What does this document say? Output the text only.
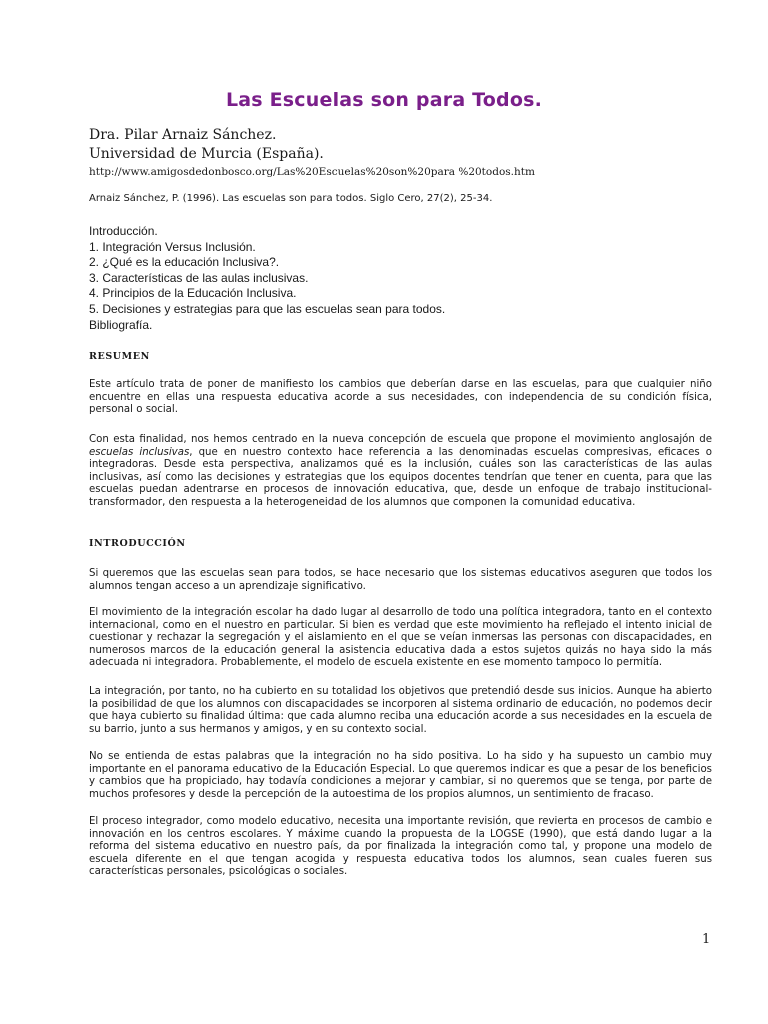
Las Escuelas son para Todos.

Dra. Pilar Arnaiz Sánchez.

Universidad de Murcia (España). http://www.amigosdedonbosco.org/Las%20Escuelas%20son%20para %20todos.htm

Arnaiz Sánchez, P. (1996). Las escuelas son para todos. Siglo Cero, 27(2), 25-34.

Introducción.
1. Integración Versus Inclusión.
2. ¿Qué es la educación Inclusiva?.
3. Características de las aulas inclusivas.
4. Principios de la Educación Inclusiva.
5. Decisiones y estrategias para que las escuelas sean para todos.
Bibliografía.

RESUMEN

Este artículo trata de poner de manifiesto los cambios que deberían darse en las escuelas, para que cualquier niño encuentre en ellas una respuesta educativa acorde a sus necesidades, con independencia de su condición física, personal o social.

Con esta finalidad, nos hemos centrado en la nueva concepción de escuela que propone el movimiento anglosajón de escuelas inclusivas, que en nuestro contexto hace referencia a las denominadas escuelas compresivas, eficaces o integradoras. Desde esta perspectiva, analizamos qué es la inclusión, cuáles son las características de las aulas inclusivas, así como las decisiones y estrategias que los equipos docentes tendrían que tener en cuenta, para que las escuelas puedan adentrarse en procesos de innovación educativa, que, desde un enfoque de trabajo institucional-transformador, den respuesta a la heterogeneidad de los alumnos que componen la comunidad educativa.

INTRODUCCIÓN

Si queremos que las escuelas sean para todos, se hace necesario que los sistemas educativos aseguren que todos los alumnos tengan acceso a un aprendizaje significativo.

El movimiento de la integración escolar ha dado lugar al desarrollo de todo una política integradora, tanto en el contexto internacional, como en el nuestro en particular. Si bien es verdad que este movimiento ha reflejado el intento inicial de cuestionar y rechazar la segregación y el aislamiento en el que se veían inmersas las personas con discapacidades, en numerosos marcos de la educación general la asistencia educativa dada a estos sujetos quizás no haya sido la más adecuada ni integradora. Probablemente, el modelo de escuela existente en ese momento tampoco lo permitía.

La integración, por tanto, no ha cubierto en su totalidad los objetivos que pretendió desde sus inicios. Aunque ha abierto la posibilidad de que los alumnos con discapacidades se incorporen al sistema ordinario de educación, no podemos decir que haya cubierto su finalidad última: que cada alumno reciba una educación acorde a sus necesidades en la escuela de su barrio, junto a sus hermanos y amigos, y en su contexto social.

No se entienda de estas palabras que la integración no ha sido positiva. Lo ha sido y ha supuesto un cambio muy importante en el panorama educativo de la Educación Especial. Lo que queremos indicar es que a pesar de los beneficios y cambios que ha propiciado, hay todavía condiciones a mejorar y cambiar, si no queremos que se tenga, por parte de muchos profesores y desde la percepción de la autoestima de los propios alumnos, un sentimiento de fracaso.

El proceso integrador, como modelo educativo, necesita una importante revisión, que revierta en procesos de cambio e innovación en los centros escolares. Y máxime cuando la propuesta de la LOGSE (1990), que está dando lugar a la reforma del sistema educativo en nuestro país, da por finalizada la integración como tal, y propone una modelo de escuela diferente en el que tengan acogida y respuesta educativa todos los alumnos, sean cuales fueren sus características personales, psicológicas o sociales.

1
